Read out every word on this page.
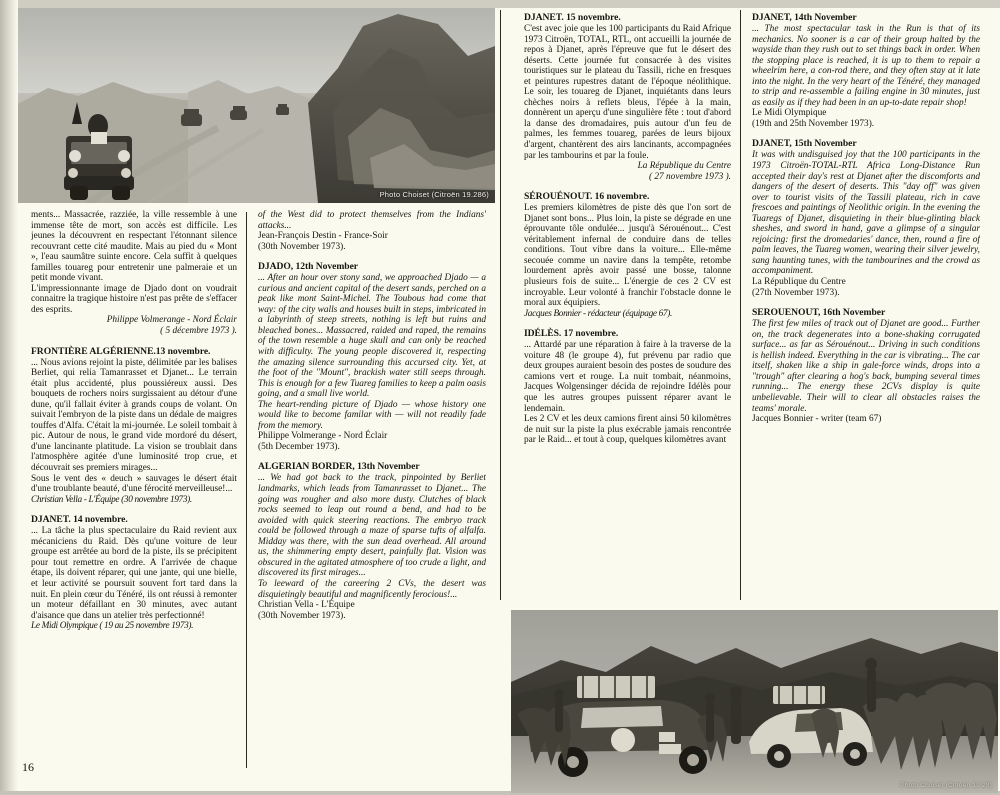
Photo Choiset (Citroën 19.286)
Photo Choiset (Citroën 19.28)

ments... Massacrée, razziée, la ville ressemble à une immense tête de mort, son accès est difficile. Les jeunes la découvrent en respectant l'étonnant silence recouvrant cette cité maudite. Mais au pied du « Mont », l'eau saumâtre suinte encore. Cela suffit à quelques familles touareg pour entretenir une palmeraie et un petit monde vivant.

L'impressionnante image de Djado dont on voudrait connaitre la tragique histoire n'est pas prête de s'effacer des esprits.

Philippe Volmerange - Nord Éclair

( 5 décembre 1973 ).

FRONTIÈRE ALGÉRIENNE.13 novembre.

... Nous avions rejoint la piste, délimitée par les balises Berliet, qui relia Tamanrasset et Djanet... Le terrain était plus accidenté, plus poussiéreux aussi. Des bouquets de rochers noirs surgissaient au détour d'une dune, qu'il fallait éviter à grands coups de volant. On suivait l'embryon de la piste dans un dédale de maigres touffes d'Alfa. C'était la mi-journée. Le soleil tombait à pic. Autour de nous, le grand vide mordoré du désert, d'une lancinante platitude. La vision se troublait dans l'atmosphère agitée d'une luminosité trop crue, et découvrait ses premiers mirages...

Sous le vent des « deuch » sauvages le désert était d'une troublante beauté, d'une férocité merveilleuse!...

Christian Vella - L'Équipe (30 novembre 1973).

DJANET. 14 novembre.

... La tâche la plus spectaculaire du Raid revient aux mécaniciens du Raid. Dès qu'une voiture de leur groupe est arrêtée au bord de la piste, ils se précipitent pour tout remettre en ordre. A l'arrivée de chaque étape, ils doivent réparer, qui une jante, qui une bielle, et leur activité se poursuit souvent fort tard dans la nuit. En plein cœur du Ténéré, ils ont réussi à remonter un moteur défaillant en 30 minutes, avec autant d'aisance que dans un atelier très perfectionné!

Le Midi Olympique ( 19 au 25 novembre 1973).

of the West did to protect themselves from the Indians' attacks...

Jean-François Destin - France-Soir

(30th November 1973).

DJADO, 12th November

... After an hour over stony sand, we approached Djado — a curious and ancient capital of the desert sands, perched on a peak like mont Saint-Michel. The Toubous had come that way: of the city walls and houses built in steps, imbricated in a labyrinth of steep streets, nothing is left but ruins and bleached bones... Massacred, raided and raped, the remains of the town resemble a huge skull and can only be reached with difficulty. The young people discovered it, respecting the amazing silence surrounding this accursed city. Yet, at the foot of the "Mount", brackish water still seeps through. This is enough for a few Tuareg families to keep a palm oasis going, and a small live world.

The heart-rending picture of Djado — whose history one would like to become familar with — will not readily fade from the memory.

Philippe Volmerange - Nord Éclair

(5th December 1973).

ALGERIAN BORDER, 13th November

... We had got back to the track, pinpointed by Berliet landmarks, which leads from Tamanrasset to Djanet... The going was rougher and also more dusty. Clutches of black rocks seemed to leap out round a bend, and had to be avoided with quick steering reactions. The embryo track could be followed through a maze of sparse tufts of alfalfa. Midday was there, with the sun dead overhead. All around us, the shimmering empty desert, painfully flat. Vision was obscured in the agitated atmosphere of too crude a light, and discovered its first mirages...

To leeward of the careering 2 CVs, the desert was disquietingly beautiful and magnificently ferocious!...

Christian Vella - L'Équipe

(30th November 1973).

DJANET. 15 novembre.

C'est avec joie que les 100 participants du Raid Afrique 1973 Citroën, TOTAL, RTL, ont accueilli la journée de repos à Djanet, après l'épreuve que fut le désert des déserts. Cette journée fut consacrée à des visites touristiques sur le plateau du Tassili, riche en fresques et peintures rupestres datant de l'époque néolithique. Le soir, les touareg de Djanet, inquiétants dans leurs chèches noirs à reflets bleus, l'épée à la main, donnèrent un aperçu d'une singulière fête : tout d'abord la danse des dromadaires, puis autour d'un feu de palmes, les femmes touareg, parées de leurs bijoux d'argent, chantèrent des airs lancinants, accompagnées par les tambourins et par la foule.

La République du Centre

( 27 novembre 1973 ).

SÉROUÉNOUT. 16 novembre.

Les premiers kilomètres de piste dès que l'on sort de Djanet sont bons... Plus loin, la piste se dégrade en une éprouvante tôle ondulée... jusqu'à Sérouénout... C'est véritablement infernal de conduire dans de telles conditions. Tout vibre dans la voiture... Elle-même secouée comme un navire dans la tempête, retombe lourdement après avoir passé une bosse, talonne plusieurs fois de suite... L'énergie de ces 2 CV est incroyable. Leur volonté à franchir l'obstacle donne le moral aux équipiers.

Jacques Bonnier - rédacteur (équipage 67).

IDÉLÈS. 17 novembre.

... Attardé par une réparation à faire à la traverse de la voiture 48 (le groupe 4), fut prévenu par radio que deux groupes auraient besoin des postes de soudure des camions vert et rouge. La nuit tombait, néanmoins, Jacques Wolgensinger décida de rejoindre Idélès pour que les autres groupes puissent réparer avant le lendemain.

Les 2 CV et les deux camions firent ainsi 50 kilomètres de nuit sur la piste la plus exécrable jamais rencontrée par le Raid... et tout à coup, quelques kilomètres avant

DJANET, 14th November

... The most spectacular task in the Run is that of its mechanics. No sooner is a car of their group halted by the wayside than they rush out to set things back in order. When the stopping place is reached, it is up to them to repair a wheelrim here, a con-rod there, and they often stay at it late into the night. In the very heart of the Ténéré, they managed to strip and re-assemble a failing engine in 30 minutes, just as easily as if they had been in an up-to-date repair shop!

Le Midi Olympique

(19th and 25th November 1973).

DJANET, 15th November

It was with undisguised joy that the 100 participants in the 1973 Citroën-TOTAL-RTL Africa Long-Distance Run accepted their day's rest at Djanet after the discomforts and dangers of the desert of deserts. This "day off" was given over to tourist visits of the Tassili plateau, rich in cave frescoes and paintings of Neolithic origin. In the evening the Tuaregs of Djanet, disquieting in their blue-glinting black sheshes, and sword in hand, gave a glimpse of a singular rejoicing: first the dromedaries' dance, then, round a fire of palm leaves, the Tuareg women, wearing their silver jewelry, sang haunting tunes, with the tambourines and the crowd as accompaniment.

La République du Centre

(27th November 1973).

SEROUENOUT, 16th November

The first few miles of track out of Djanet are good... Further on, the track degenerates into a bone-shaking corrugated surface... as far as Sérouénout... Driving in such conditions is hellish indeed. Everything in the car is vibrating... The car itself, shaken like a ship in gale-force winds, drops into a "trough" after clearing a hog's back, bumping several times running... The energy these 2CVs display is quite unbelievable. Their will to clear all obstacles raises the teams' morale.

Jacques Bonnier - writer (team 67)

16
